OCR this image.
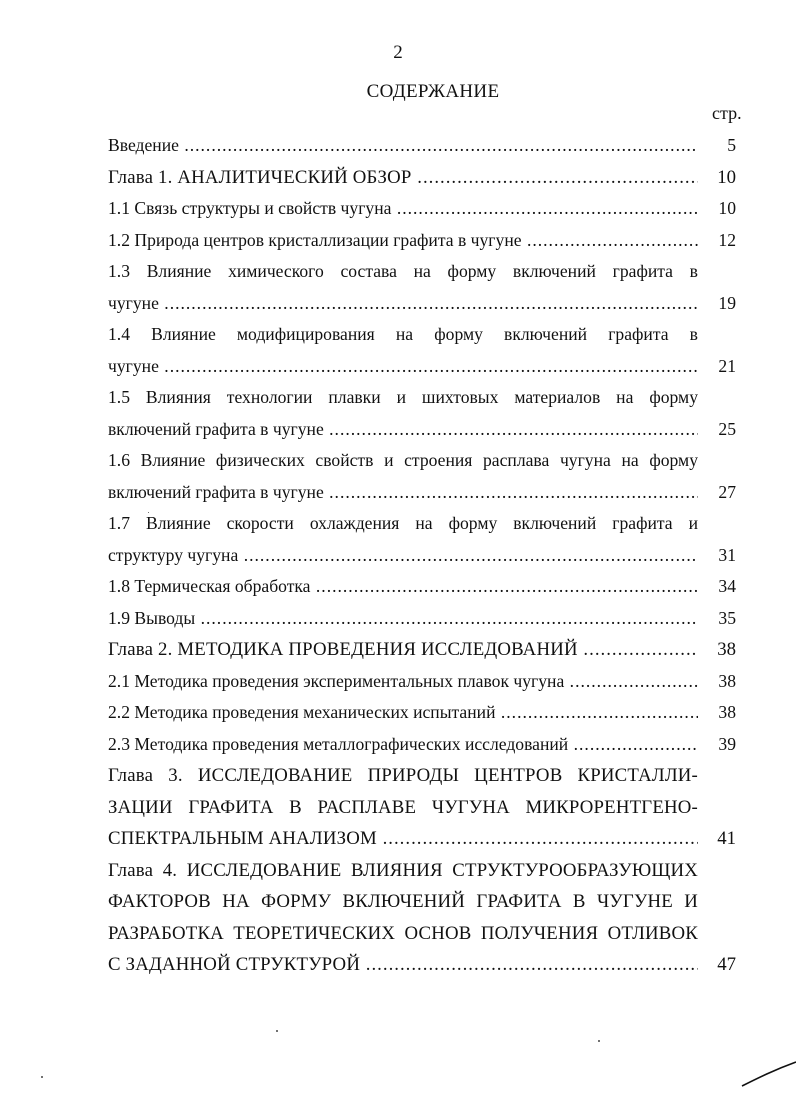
2
СОДЕРЖАНИЕ
стр.
Введение .....	5
Глава 1. АНАЛИТИЧЕСКИЙ ОБЗОР .....	10
1.1 Связь структуры и свойств чугуна .....	10
1.2 Природа центров кристаллизации графита в чугуне .....	12
1.3 Влияние химического состава на форму включений графита в
чугуне .....	19
1.4 Влияние модифицирования на форму включений графита в
чугуне .....	21
1.5 Влияния технологии плавки и шихтовых материалов на форму
включений графита в чугуне .....	25
1.6 Влияние физических свойств и строения расплава чугуна на форму
включений графита в чугуне .....	27
1.7 Влияние скорости охлаждения на форму включений графита и
структуру чугуна .....	31
1.8 Термическая обработка .....	34
1.9 Выводы .....	35
Глава 2. МЕТОДИКА ПРОВЕДЕНИЯ ИССЛЕДОВАНИЙ .....	38
2.1 Методика проведения экспериментальных плавок чугуна .....	38
2.2 Методика проведения механических испытаний .....	38
2.3 Методика проведения металлографических исследований .....	39
Глава 3. ИССЛЕДОВАНИЕ ПРИРОДЫ ЦЕНТРОВ КРИСТАЛЛИ-
ЗАЦИИ ГРАФИТА В РАСПЛАВЕ ЧУГУНА МИКРОРЕНТГЕНО-
СПЕКТРАЛЬНЫМ АНАЛИЗОМ .....	41
Глава 4. ИССЛЕДОВАНИЕ ВЛИЯНИЯ СТРУКТУРООБРАЗУЮЩИХ
ФАКТОРОВ НА ФОРМУ ВКЛЮЧЕНИЙ ГРАФИТА В ЧУГУНЕ И
РАЗРАБОТКА ТЕОРЕТИЧЕСКИХ ОСНОВ ПОЛУЧЕНИЯ ОТЛИВОК
С ЗАДАННОЙ СТРУКТУРОЙ .....	47
